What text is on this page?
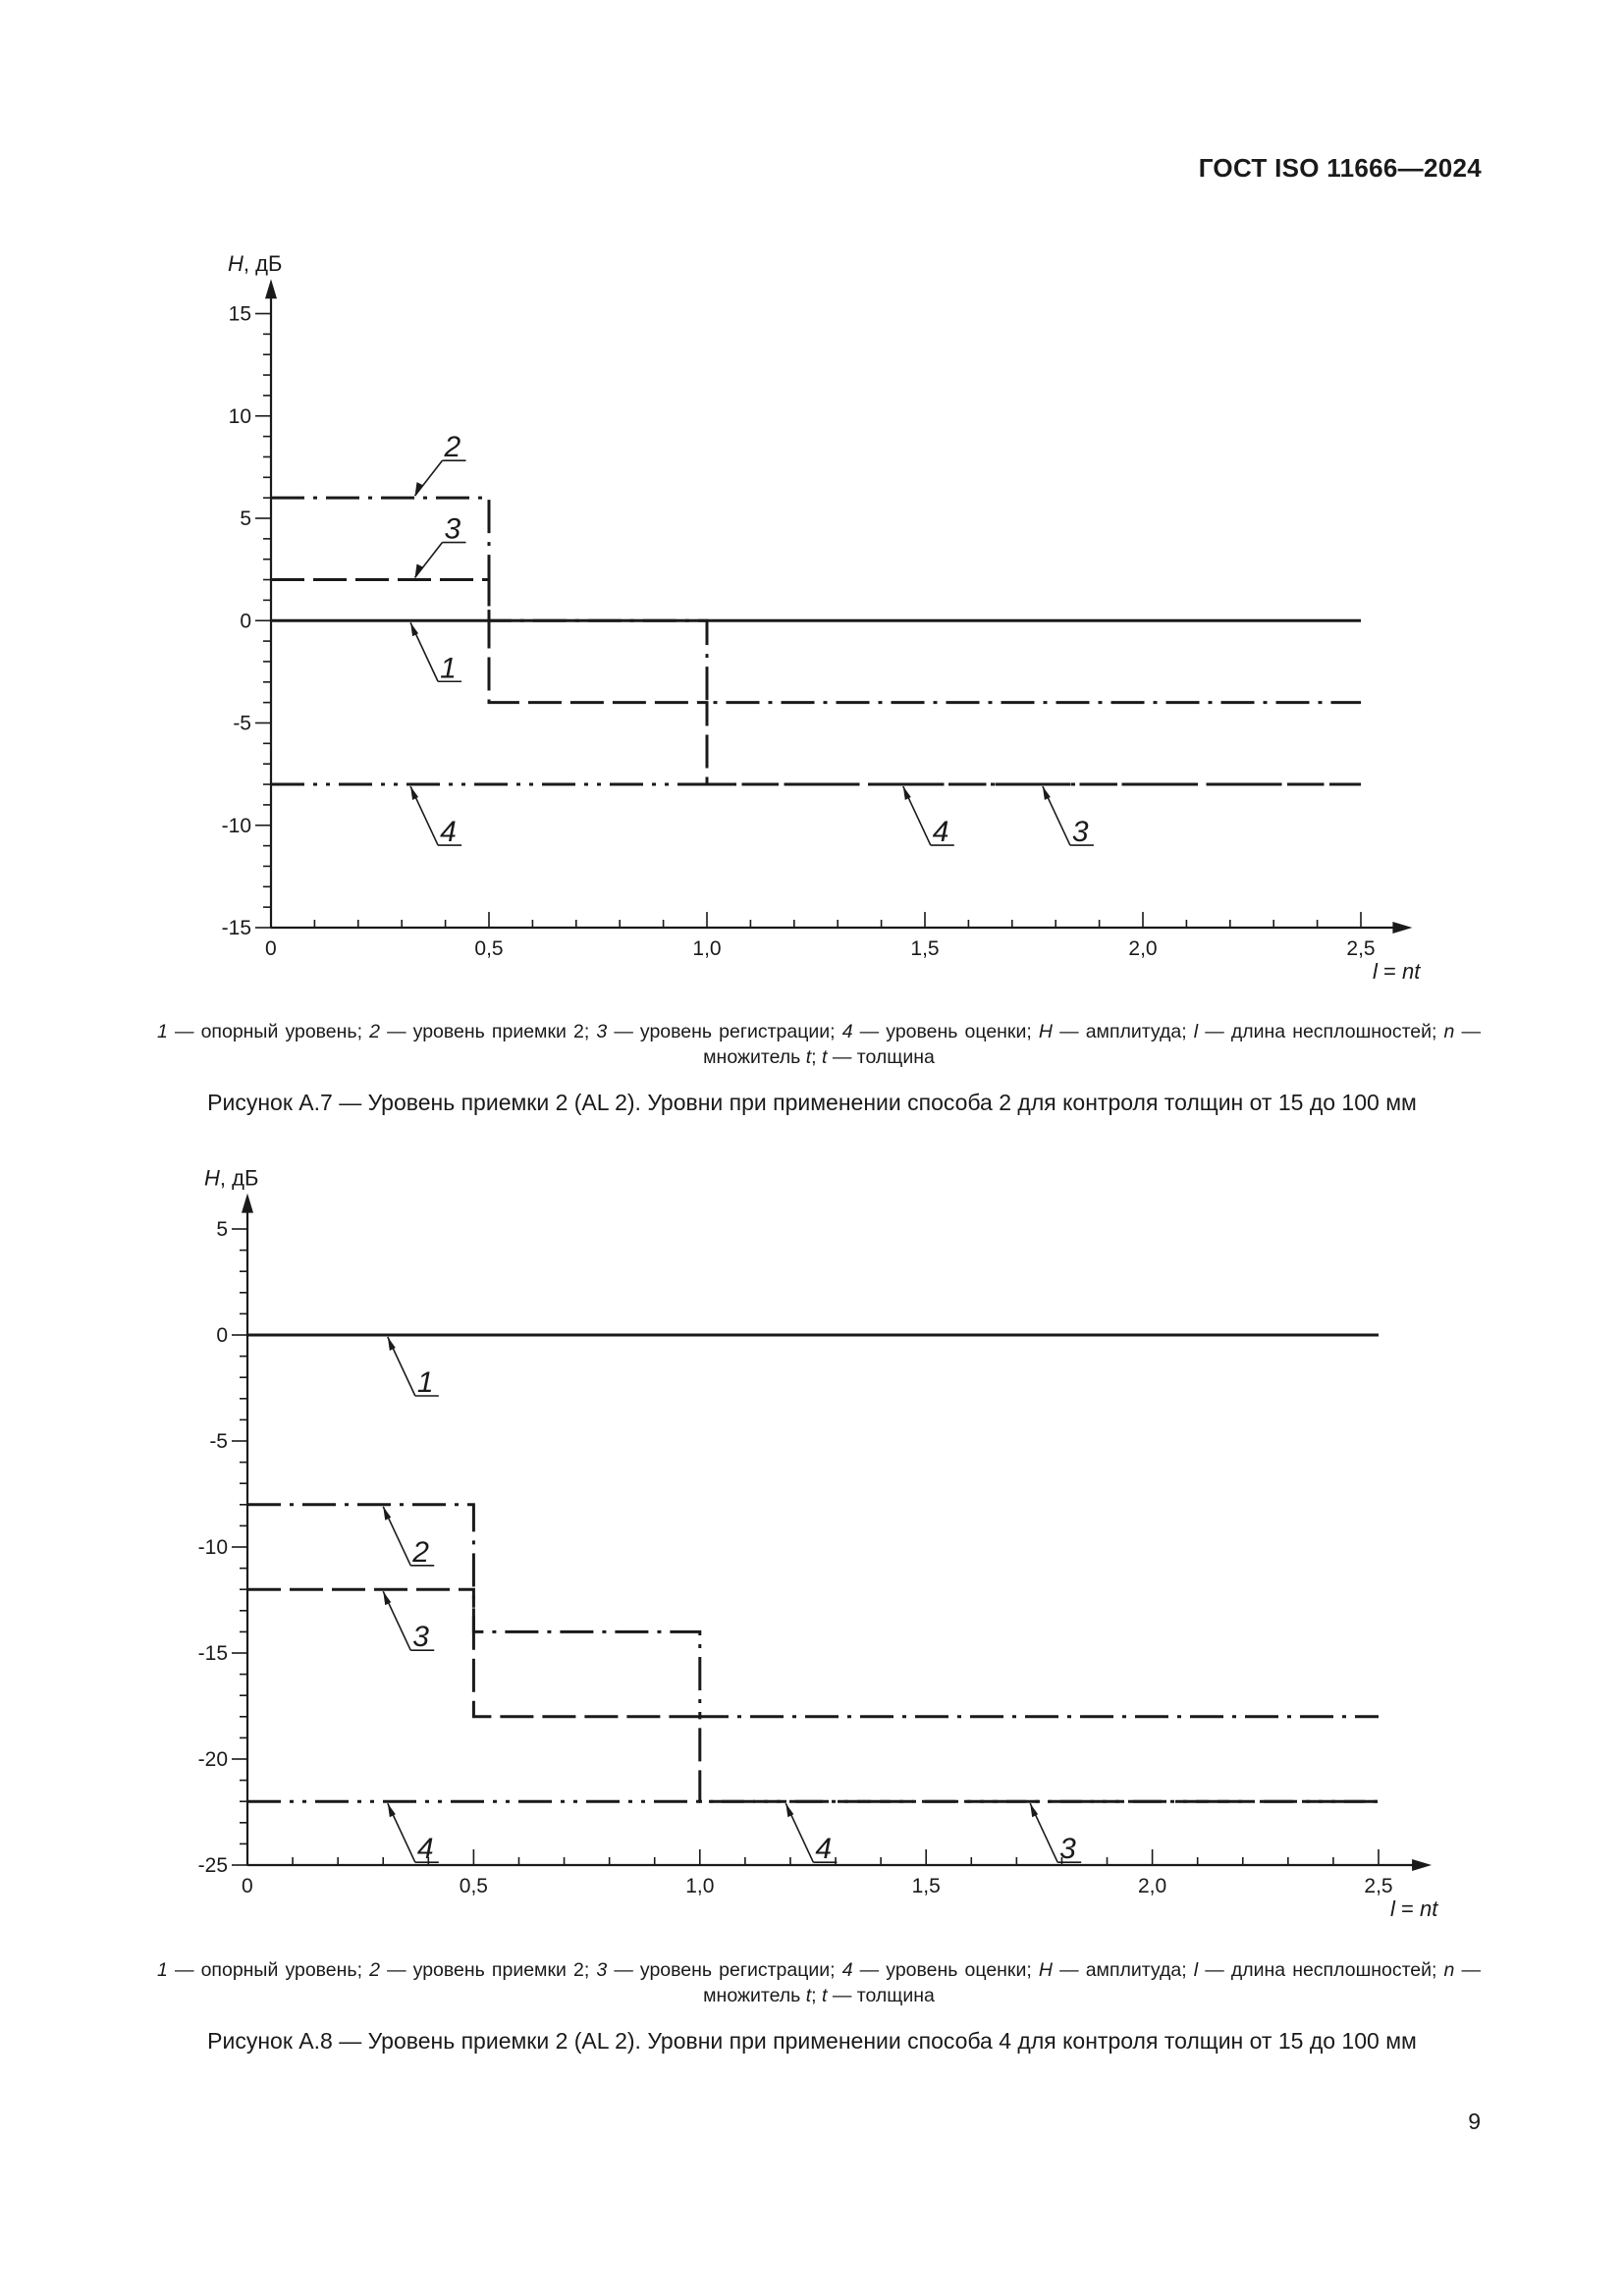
ГОСТ ISO 11666—2024
-15
-10
-5
0
5
10
15
0	0,5	1,0	1,5	2,0	2,5
H, дБ
l = nt
2
3
1
4	4	3
1 — опорный уровень; 2 — уровень приемки 2; 3 — уровень регистрации; 4 — уровень оценки; H — амплитуда; l — длина несплошностей; n — множитель t; t — толщина
Рисунок А.7 — Уровень приемки 2 (AL 2). Уровни при применении способа 2 для контроля толщин от 15 до 100 мм
-25
-20
-15
-10
-5
0
5
0	0,5	1,0	1,5	2,0	2,5
H, дБ
l = nt
1
2
3
4	4	3
1 — опорный уровень; 2 — уровень приемки 2; 3 — уровень регистрации; 4 — уровень оценки; H — амплитуда; l — длина несплошностей; n — множитель t; t — толщина
Рисунок А.8 — Уровень приемки 2 (AL 2). Уровни при применении способа 4 для контроля толщин от 15 до 100 мм
9
